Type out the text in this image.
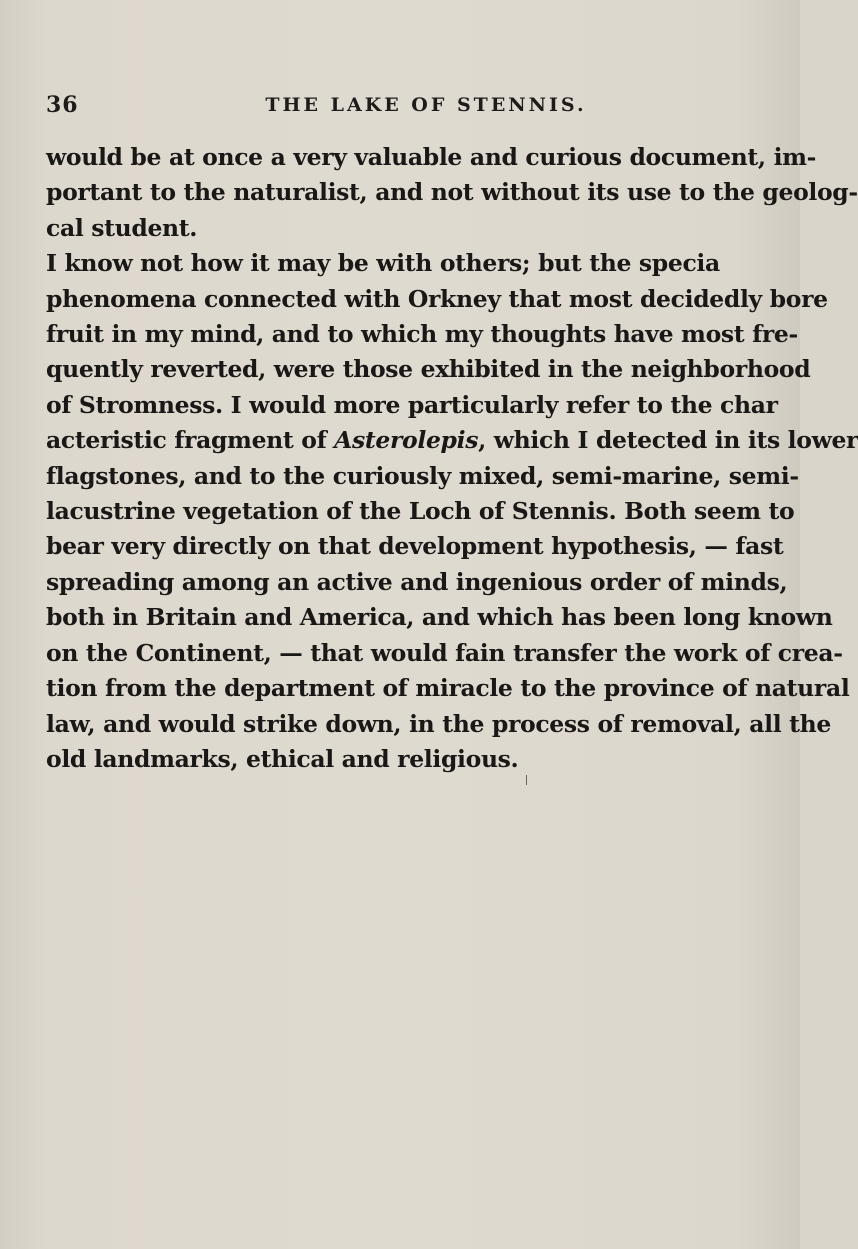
36	THE LAKE OF STENNIS.
would be at once a very valuable and curious document, im-
portant to the naturalist, and not without its use to the geolog-
cal student.
I know not how it may be with others; but the specia
phenomena connected with Orkney that most decidedly bore
fruit in my mind, and to which my thoughts have most fre-
quently reverted, were those exhibited in the neighborhood
of Stromness. I would more particularly refer to the char
acteristic fragment of Asterolepis, which I detected in its lower
flagstones, and to the curiously mixed, semi-marine, semi-
lacustrine vegetation of the Loch of Stennis. Both seem to
bear very directly on that development hypothesis, — fast
spreading among an active and ingenious order of minds,
both in Britain and America, and which has been long known
on the Continent, — that would fain transfer the work of crea-
tion from the department of miracle to the province of natural
law, and would strike down, in the process of removal, all the
old landmarks, ethical and religious.
